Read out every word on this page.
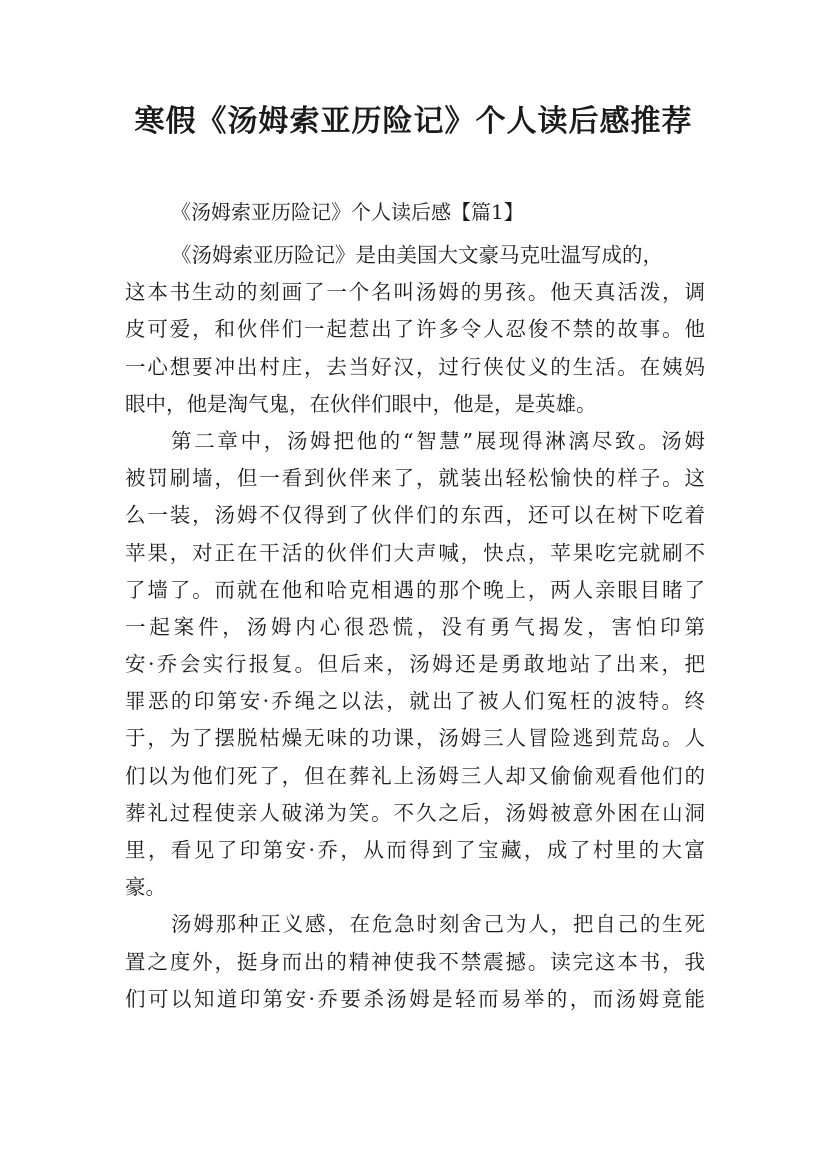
寒假《汤姆索亚历险记》个人读后感推荐

《汤姆索亚历险记》个人读后感【篇1】

《汤姆索亚历险记》是由美国大文豪马克吐温写成的，
这本书生动的刻画了一个名叫汤姆的男孩。他天真活泼，调
皮可爱，和伙伴们一起惹出了许多令人忍俊不禁的故事。他
一心想要冲出村庄，去当好汉，过行侠仗义的生活。在姨妈
眼中，他是淘气鬼，在伙伴们眼中，他是，是英雄。
第二章中，汤姆把他的“智慧”展现得淋漓尽致。汤姆
被罚刷墙，但一看到伙伴来了，就装出轻松愉快的样子。这
么一装，汤姆不仅得到了伙伴们的东西，还可以在树下吃着
苹果，对正在干活的伙伴们大声喊，快点，苹果吃完就刷不
了墙了。而就在他和哈克相遇的那个晚上，两人亲眼目睹了
一起案件，汤姆内心很恐慌，没有勇气揭发，害怕印第
安·乔会实行报复。但后来，汤姆还是勇敢地站了出来，把
罪恶的印第安·乔绳之以法，就出了被人们冤枉的波特。终
于，为了摆脱枯燥无味的功课，汤姆三人冒险逃到荒岛。人
们以为他们死了，但在葬礼上汤姆三人却又偷偷观看他们的
葬礼过程使亲人破涕为笑。不久之后，汤姆被意外困在山洞
里，看见了印第安·乔，从而得到了宝藏，成了村里的大富
豪。
汤姆那种正义感，在危急时刻舍己为人，把自己的生死
置之度外，挺身而出的精神使我不禁震撼。读完这本书，我
们可以知道印第安·乔要杀汤姆是轻而易举的，而汤姆竟能
